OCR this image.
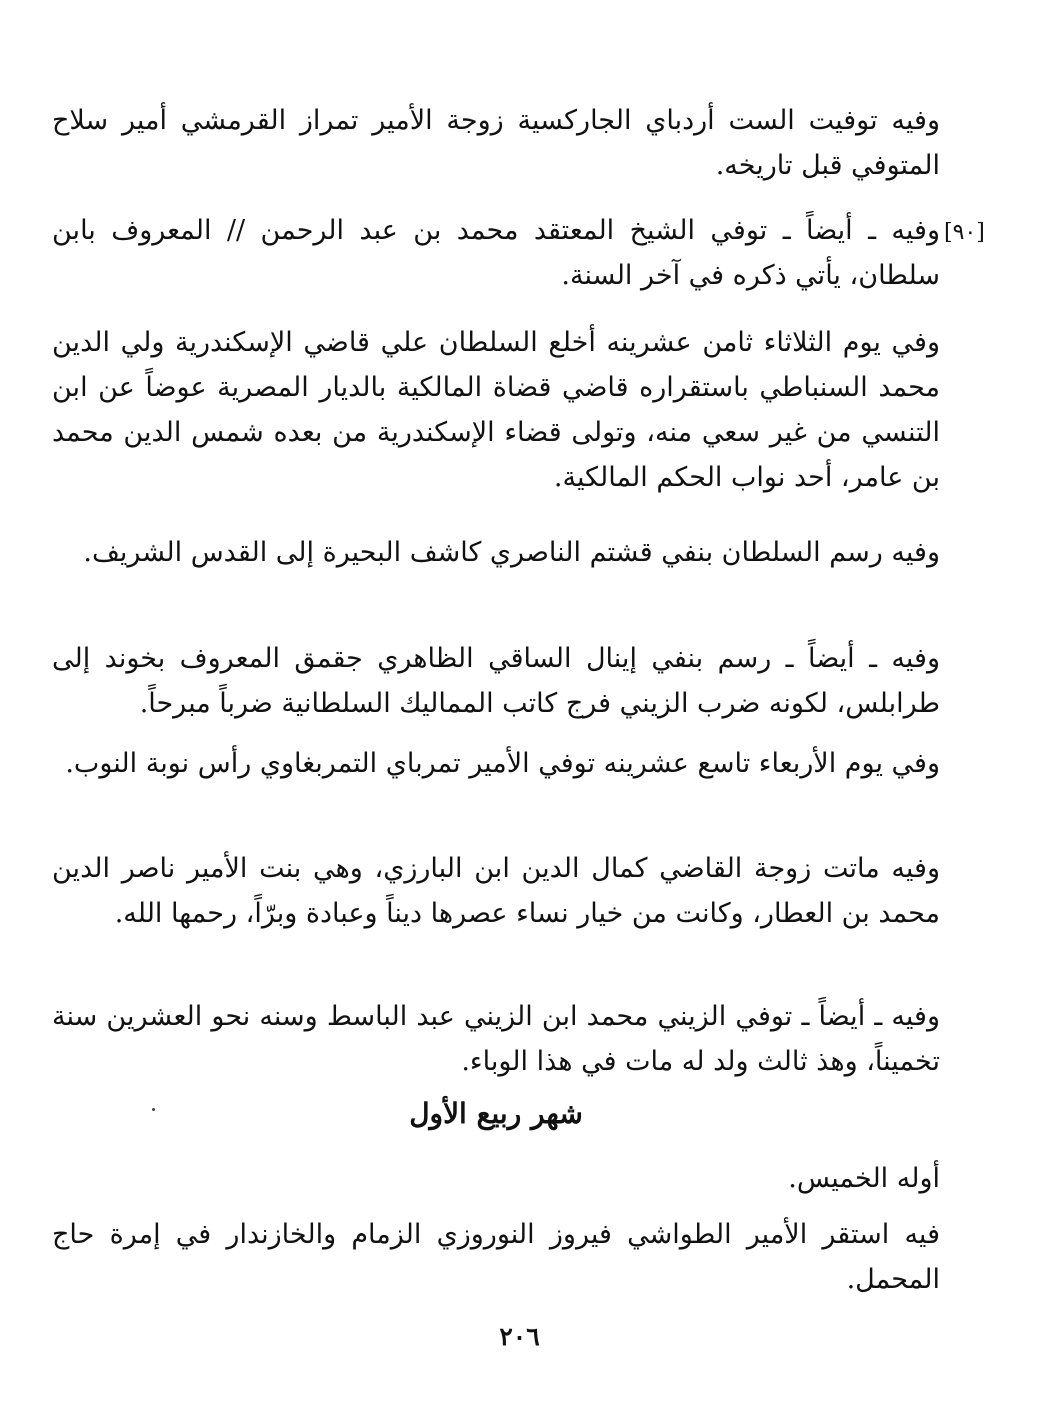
وفيه توفيت الست أردباي الجاركسية زوجة الأمير تمراز القرمشي أمير سلاح المتوفي قبل تاريخه.

[٩٠]

وفيه ـ أيضاً ـ توفي الشيخ المعتقد محمد بن عبد الرحمن // المعروف بابن سلطان، يأتي ذكره في آخر السنة.

وفي يوم الثلاثاء ثامن عشرينه أخلع السلطان علي قاضي الإسكندرية ولي الدين محمد السنباطي باستقراره قاضي قضاة المالكية بالديار المصرية عوضاً عن ابن التنسي من غير سعي منه، وتولى قضاء الإسكندرية من بعده شمس الدين محمد بن عامر، أحد نواب الحكم المالكية.

وفيه رسم السلطان بنفي قشتم الناصري كاشف البحيرة إلى القدس الشريف.

وفيه ـ أيضاً ـ رسم بنفي إينال الساقي الظاهري جقمق المعروف بخوند إلى طرابلس، لكونه ضرب الزيني فرج كاتب المماليك السلطانية ضرباً مبرحاً.

وفي يوم الأربعاء تاسع عشرينه توفي الأمير تمرباي التمربغاوي رأس نوبة النوب.

وفيه ماتت زوجة القاضي كمال الدين ابن البارزي، وهي بنت الأمير ناصر الدين محمد بن العطار، وكانت من خيار نساء عصرها ديناً وعبادة وبرّاً، رحمها الله.

وفيه ـ أيضاً ـ توفي الزيني محمد ابن الزيني عبد الباسط وسنه نحو العشرين سنة تخميناً، وهذ ثالث ولد له مات في هذا الوباء.

شهر ربيع الأول

أوله الخميس.

فيه استقر الأمير الطواشي فيروز النوروزي الزمام والخازندار في إمرة حاج المحمل.

٢٠٦
